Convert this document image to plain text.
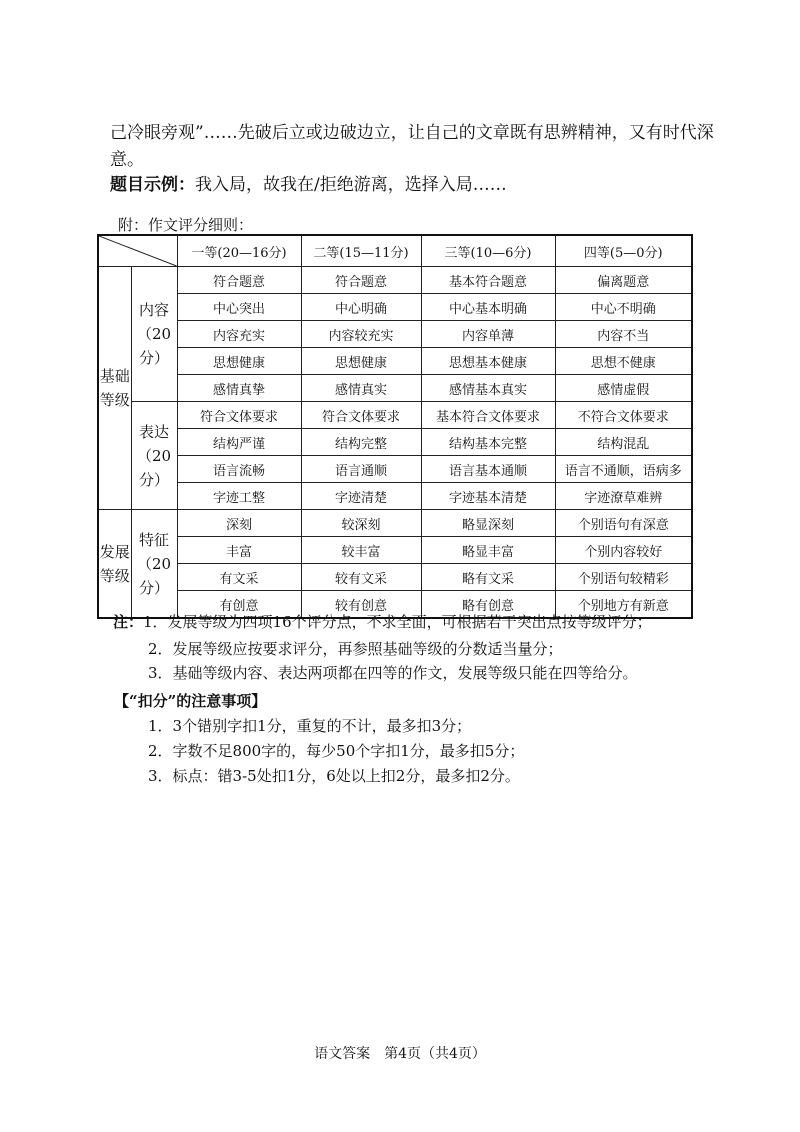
己冷眼旁观”……先破后立或边破边立，让自己的文章既有思辨精神，又有时代深
意。
题目示例：我入局，故我在/拒绝游离，选择入局……
附：作文评分细则：
	一等(20—16分)	二等(15—11分)	三等(10—6分)	四等(5—0分)
基础等级	内容（20分）	符合题意	符合题意	基本符合题意	偏离题意
		中心突出	中心明确	中心基本明确	中心不明确
		内容充实	内容较充实	内容单薄	内容不当
		思想健康	思想健康	思想基本健康	思想不健康
		感情真挚	感情真实	感情基本真实	感情虚假
	表达（20分）	符合文体要求	符合文体要求	基本符合文体要求	不符合文体要求
		结构严谨	结构完整	结构基本完整	结构混乱
		语言流畅	语言通顺	语言基本通顺	语言不通顺，语病多
		字迹工整	字迹清楚	字迹基本清楚	字迹潦草难辨
发展等级	特征（20分）	深刻	较深刻	略显深刻	个别语句有深意
		丰富	较丰富	略显丰富	个别内容较好
		有文采	较有文采	略有文采	个别语句较精彩
		有创意	较有创意	略有创意	个别地方有新意
注：1．发展等级为四项16个评分点，不求全面，可根据若干突出点按等级评分；
2．发展等级应按要求评分，再参照基础等级的分数适当量分；
3．基础等级内容、表达两项都在四等的作文，发展等级只能在四等给分。
【“扣分”的注意事项】
1．3个错别字扣1分，重复的不计，最多扣3分；
2．字数不足800字的，每少50个字扣1分，最多扣5分；
3．标点：错3-5处扣1分，6处以上扣2分，最多扣2分。
语文答案　第4页（共4页）
